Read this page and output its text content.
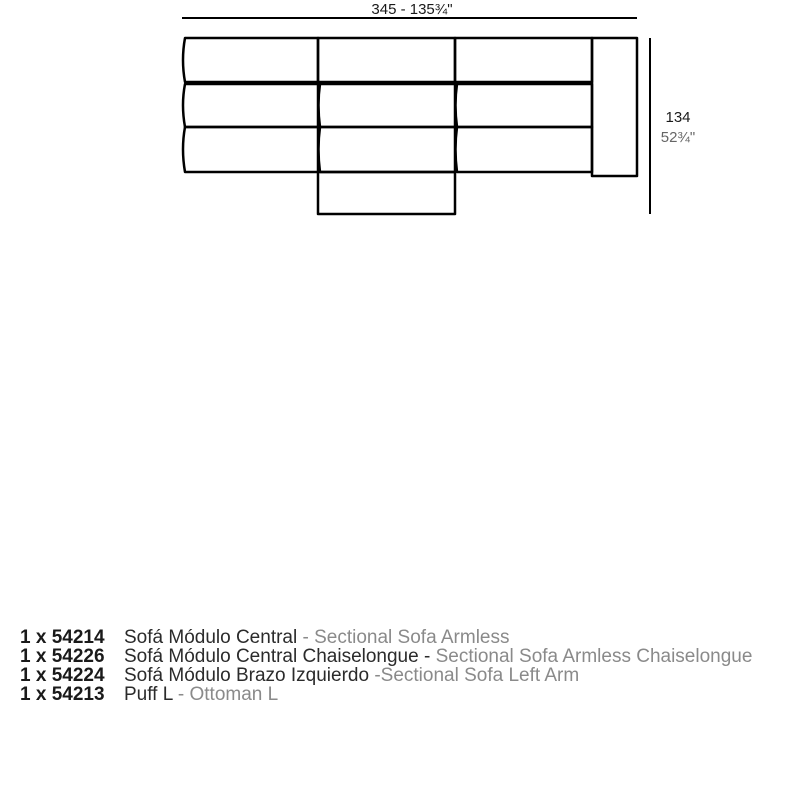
345 - 135¾"
134
52¾"
1 x 54214 Sofá Módulo Central - Sectional Sofa Armless
1 x 54226 Sofá Módulo Central Chaiselongue - Sectional Sofa Armless Chaiselongue
1 x 54224 Sofá Módulo Brazo Izquierdo -Sectional Sofa Left Arm
1 x 54213 Puff L - Ottoman L
